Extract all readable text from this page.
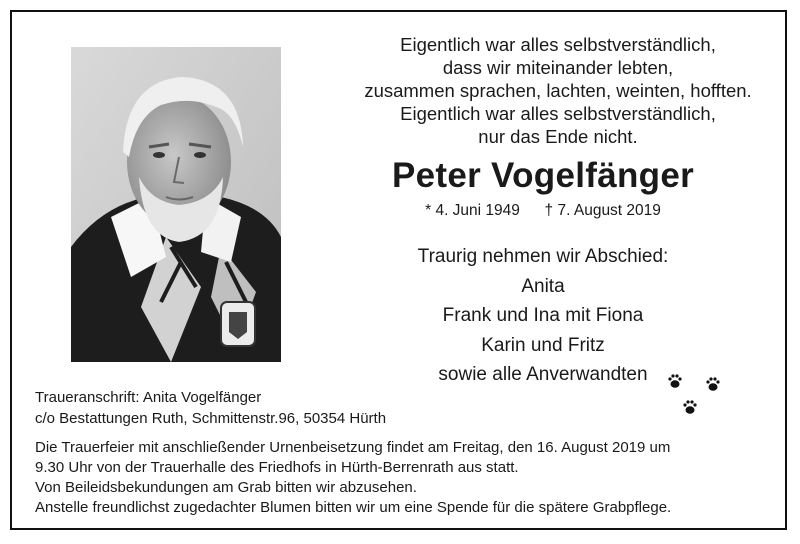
Eigentlich war alles selbstverständlich,
dass wir miteinander lebten,
zusammen sprachen, lachten, weinten, hofften.
Eigentlich war alles selbstverständlich,
nur das Ende nicht.
Peter Vogelfänger
* 4. Juni 1949 † 7. August 2019
Traurig nehmen wir Abschied:
Anita
Frank und Ina mit Fiona
Karin und Fritz
sowie alle Anverwandten
Traueranschrift: Anita Vogelfänger
c/o Bestattungen Ruth, Schmittenstr.96, 50354 Hürth
Die Trauerfeier mit anschließender Urnenbeisetzung findet am Freitag, den 16. August 2019 um
9.30 Uhr von der Trauerhalle des Friedhofs in Hürth-Berrenrath aus statt.
Von Beileidsbekundungen am Grab bitten wir abzusehen.
Anstelle freundlichst zugedachter Blumen bitten wir um eine Spende für die spätere Grabpflege.
